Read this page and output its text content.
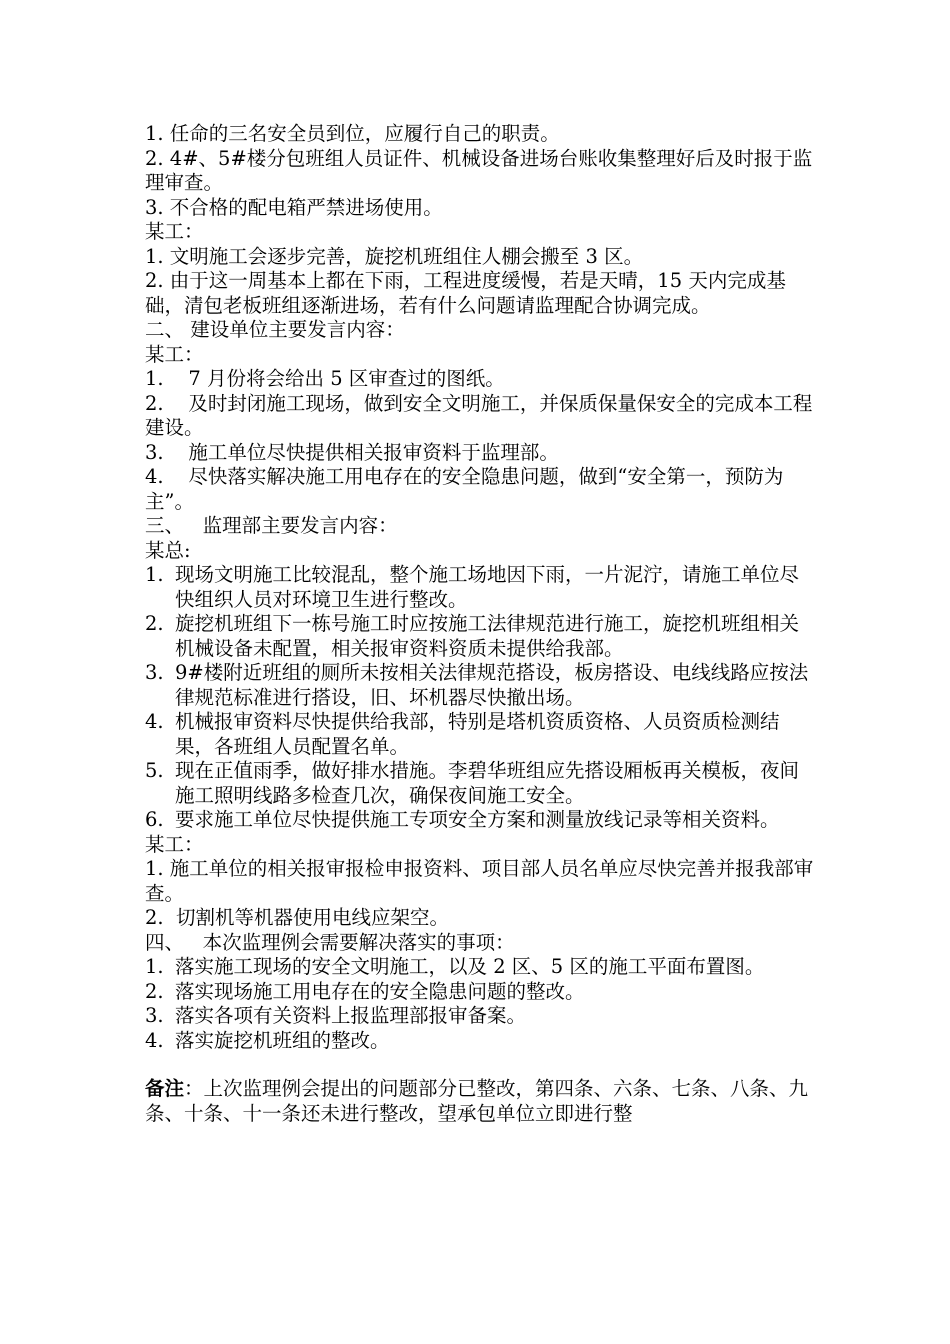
1. 任命的三名安全员到位，应履行自己的职责。

2. 4#、5#楼分包班组人员证件、机械设备进场台账收集整理好后及时报于监理审查。

3. 不合格的配电箱严禁进场使用。

某工：

1. 文明施工会逐步完善，旋挖机班组住人棚会搬至 3 区。

2. 由于这一周基本上都在下雨，工程进度缓慢，若是天晴，15 天内完成基础，清包老板班组逐渐进场，若有什么问题请监理配合协调完成。

二、 建设单位主要发言内容：

某工：

1.    7 月份将会给出 5 区审查过的图纸。

2.    及时封闭施工现场，做到安全文明施工，并保质保量保安全的完成本工程建设。

3.    施工单位尽快提供相关报审资料于监理部。

4.    尽快落实解决施工用电存在的安全隐患问题，做到“安全第一，预防为主”。

三、   监理部主要发言内容：

某总:

1. 现场文明施工比较混乱，整个施工场地因下雨，一片泥泞，请施工单位尽快组织人员对环境卫生进行整改。
2. 旋挖机班组下一栋号施工时应按施工法律规范进行施工，旋挖机班组相关机械设备未配置，相关报审资料资质未提供给我部。
3. 9#楼附近班组的厕所未按相关法律规范搭设，板房搭设、电线线路应按法律规范标准进行搭设，旧、坏机器尽快撤出场。
4. 机械报审资料尽快提供给我部，特别是塔机资质资格、人员资质检测结果，各班组人员配置名单。
5. 现在正值雨季，做好排水措施。李碧华班组应先搭设厢板再关模板，夜间施工照明线路多检查几次，确保夜间施工安全。
6. 要求施工单位尽快提供施工专项安全方案和测量放线记录等相关资料。

某工：

1. 施工单位的相关报审报检申报资料、项目部人员名单应尽快完善并报我部审查。

2.  切割机等机器使用电线应架空。

四、   本次监理例会需要解决落实的事项：

1. 落实施工现场的安全文明施工，以及 2 区、5 区的施工平面布置图。
2. 落实现场施工用电存在的安全隐患问题的整改。
3. 落实各项有关资料上报监理部报审备案。
4. 落实旋挖机班组的整改。

备注：上次监理例会提出的问题部分已整改，第四条、六条、七条、八条、九条、十条、十一条还未进行整改，望承包单位立即进行整
